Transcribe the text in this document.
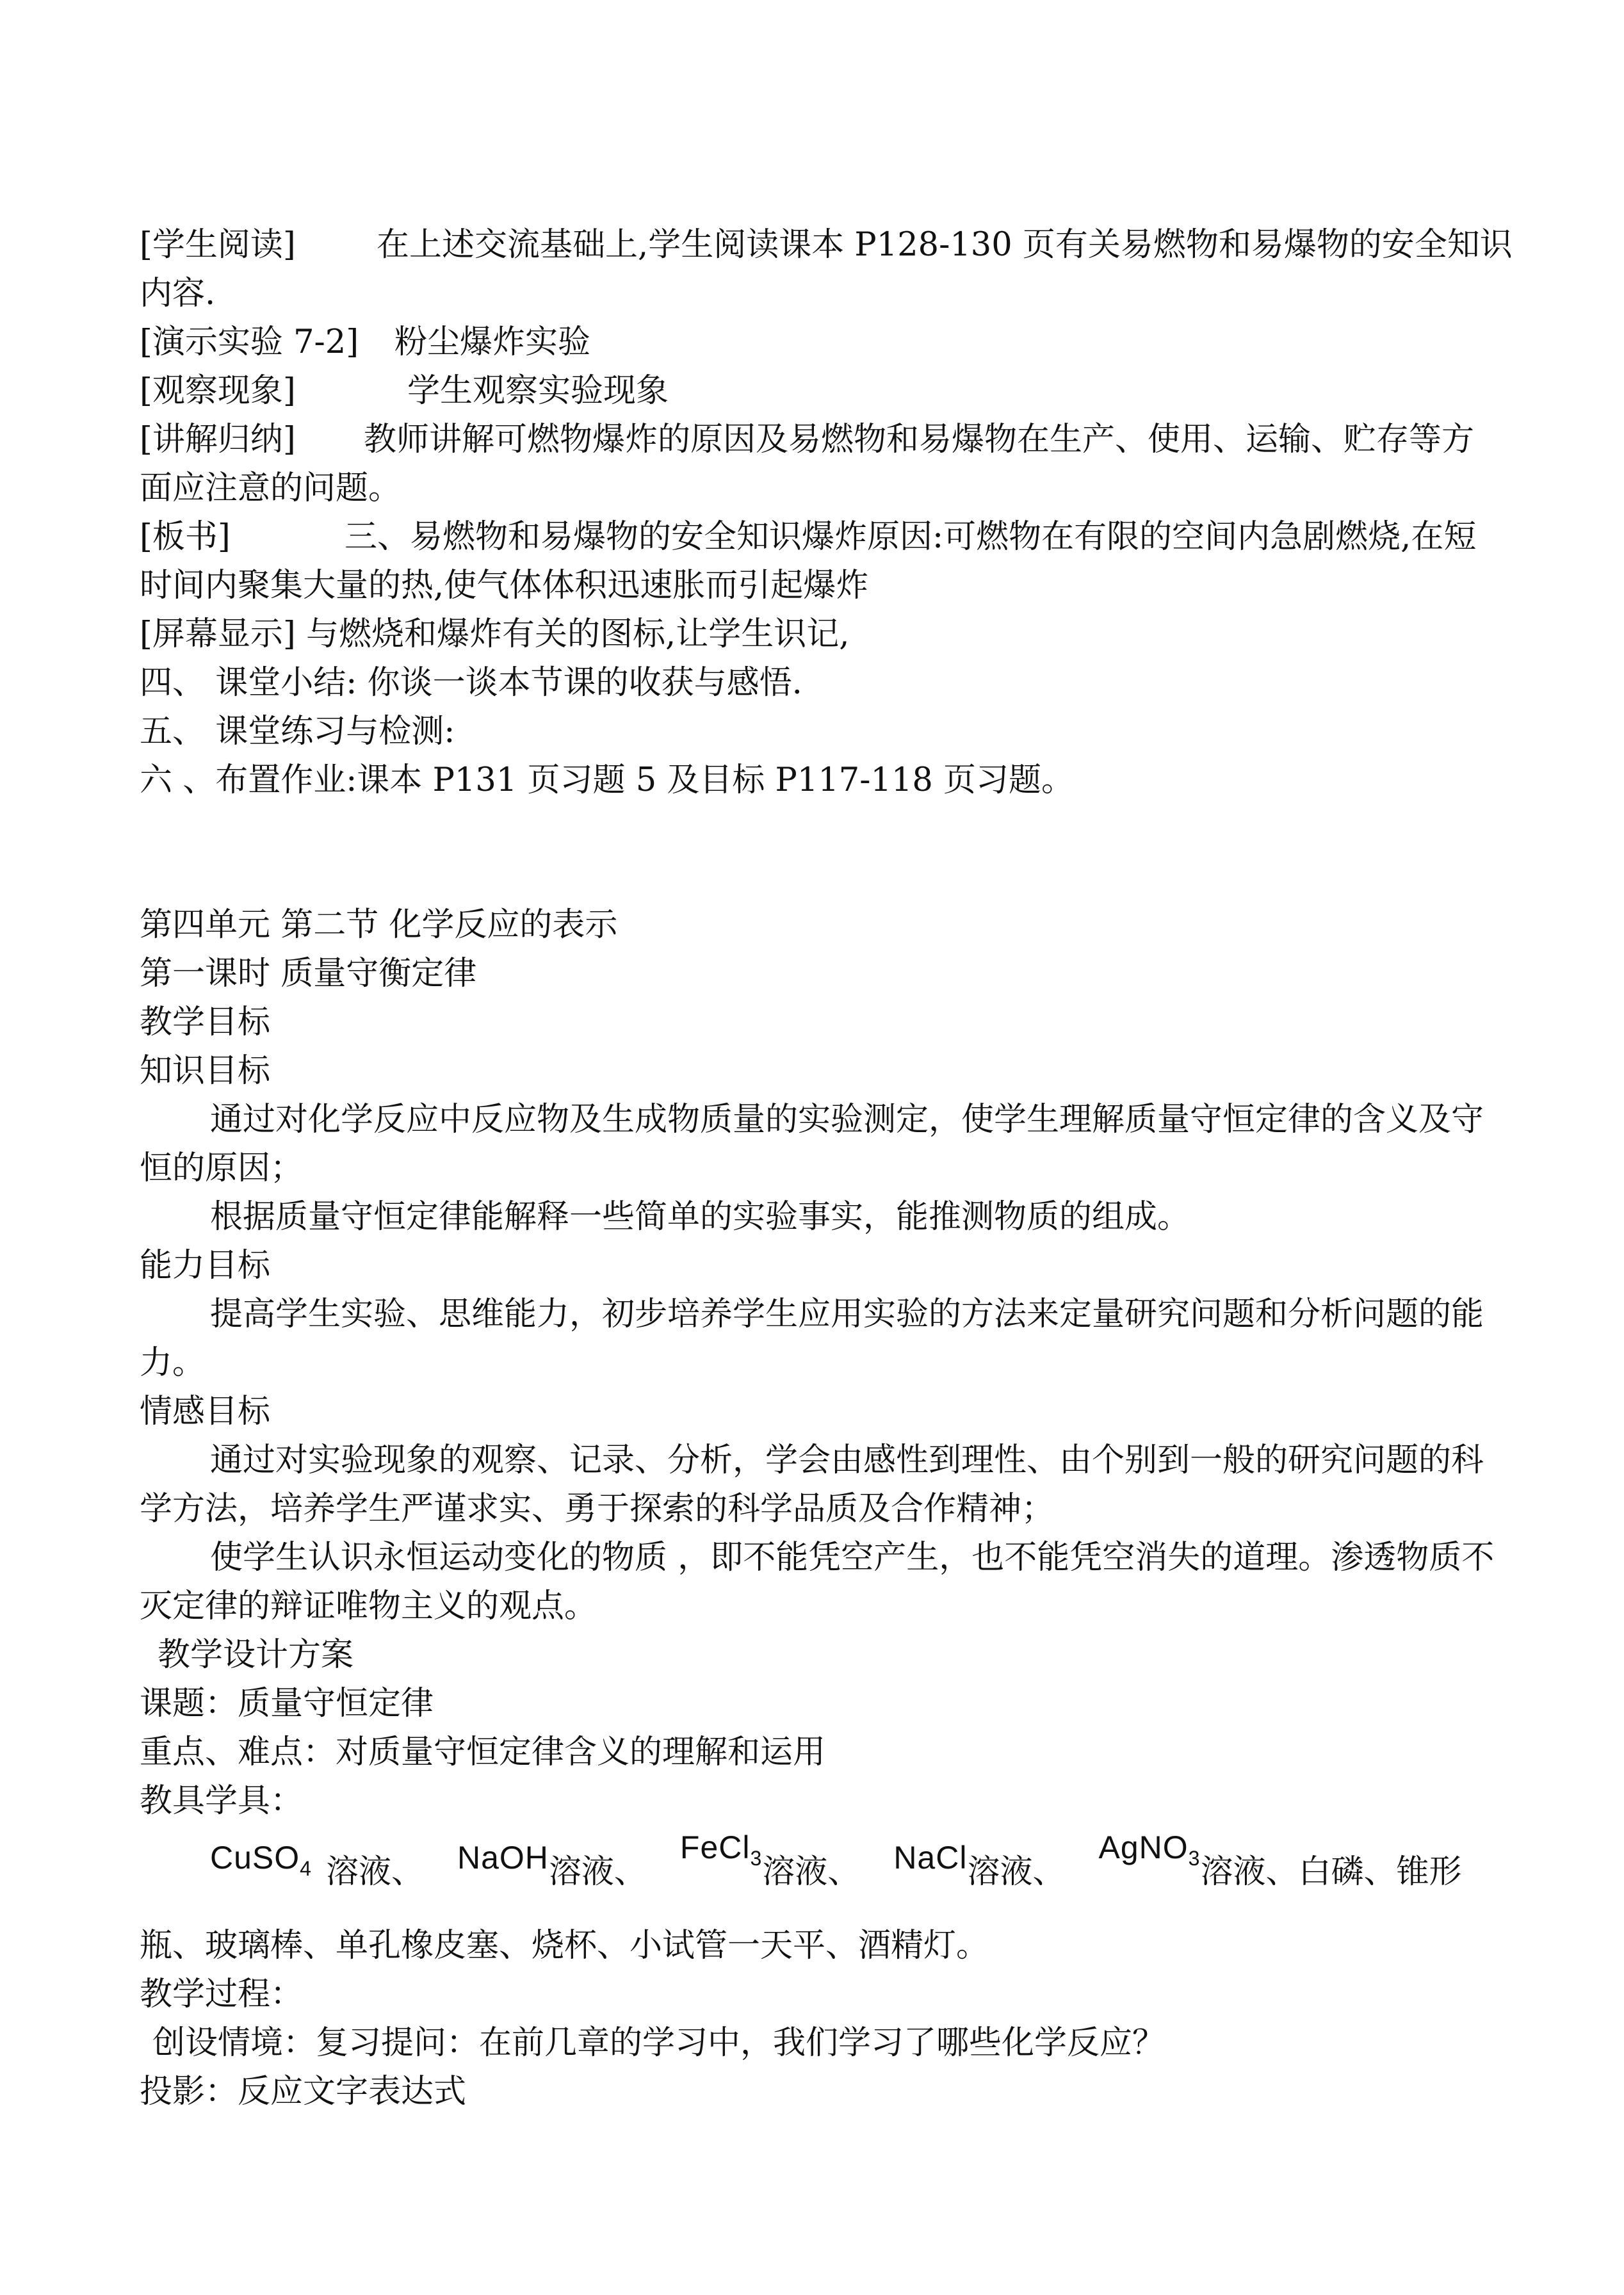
[学生阅读] 在上述交流基础上,学生阅读课本 P128-130 页有关易燃物和易爆物的安全知识

内容.

[演示实验 7-2] 粉尘爆炸实验

[观察现象]	学生观察实验现象

[讲解归纳] 教师讲解可燃物爆炸的原因及易燃物和易爆物在生产、使用、运输、贮存等方

面应注意的问题。

[板书]	三、易燃物和易爆物的安全知识爆炸原因:可燃物在有限的空间内急剧燃烧,在短

时间内聚集大量的热,使气体体积迅速胀而引起爆炸

[屏幕显示] 与燃烧和爆炸有关的图标,让学生识记,

四、 课堂小结: 你谈一谈本节课的收获与感悟.

五、 课堂练习与检测:

六 、布置作业:课本 P131 页习题 5 及目标 P117-118 页习题。

第四单元 第二节 化学反应的表示

第一课时 质量守衡定律

教学目标

知识目标

通过对化学反应中反应物及生成物质量的实验测定，使学生理解质量守恒定律的含义及守

恒的原因；

根据质量守恒定律能解释一些简单的实验事实，能推测物质的组成。

能力目标

提高学生实验、思维能力，初步培养学生应用实验的方法来定量研究问题和分析问题的能

力。

情感目标

通过对实验现象的观察、记录、分析，学会由感性到理性、由个别到一般的研究问题的科

学方法，培养学生严谨求实、勇于探索的科学品质及合作精神；

使学生认识永恒运动变化的物质 ，即不能凭空产生，也不能凭空消失的道理。渗透物质不

灭定律的辩证唯物主义的观点。

教学设计方案

课题：质量守恒定律

重点、难点：对质量守恒定律含义的理解和运用

教具学具：

CuSO$_4$ 溶液、 NaOH 溶液、
FeCl$_3$ 溶液、 NaCl 溶液、
AgNO$_3$ 溶液、白磷、锥形

瓶、玻璃棒、单孔橡皮塞、烧杯、小试管一天平、酒精灯。

教学过程：

创设情境：复习提问：在前几章的学习中，我们学习了哪些化学反应？

投影：反应文字表达式
